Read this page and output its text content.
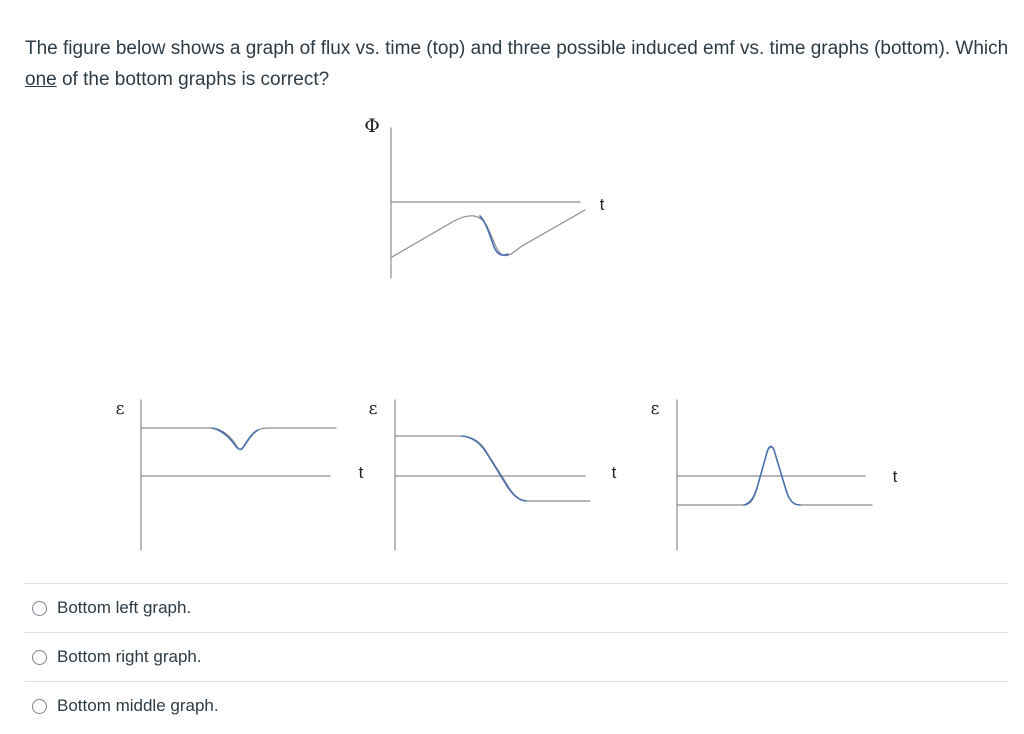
The figure below shows a graph of flux vs. time (top) and three possible induced emf vs. time graphs (bottom). Which one of the bottom graphs is correct?
Φ
t
ε
t
ε
t
ε
t
Bottom left graph.
Bottom right graph.
Bottom middle graph.
